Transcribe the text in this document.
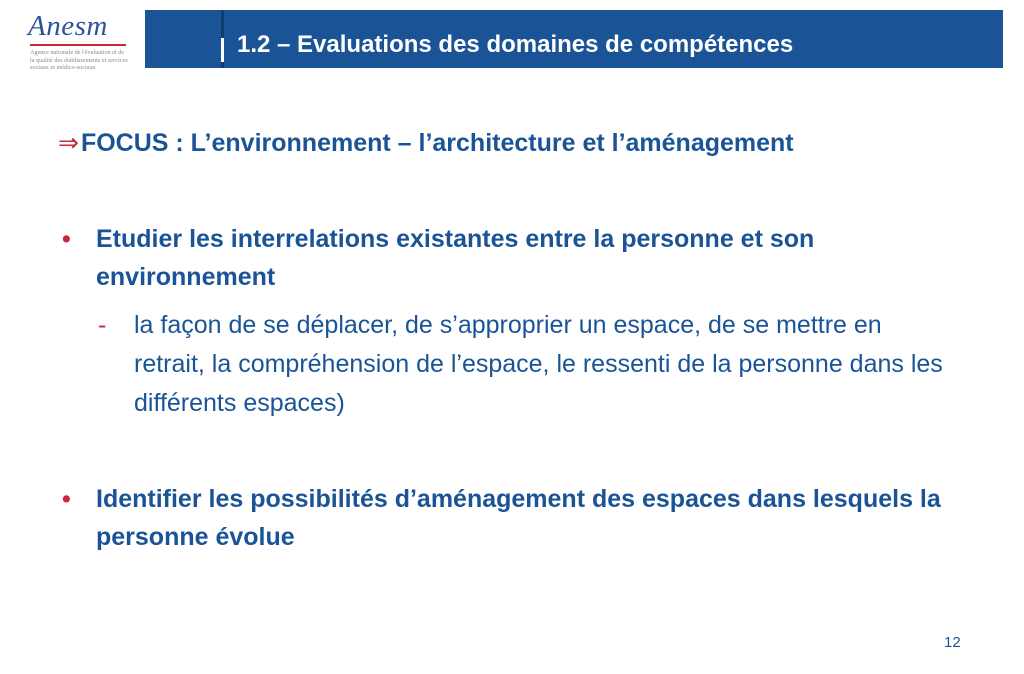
Anesm
Agence nationale de l'évaluation et de la qualité des établissements et services sociaux et médico-sociaux
1.2 – Evaluations des domaines de compétences
⇒FOCUS : L’environnement – l’architecture et l’aménagement
• Etudier les interrelations existantes entre la personne et son environnement
- la façon de se déplacer, de s’approprier un espace, de se mettre en retrait, la compréhension de l’espace, le ressenti de la personne dans les différents espaces)
• Identifier les possibilités d’aménagement des espaces dans lesquels la personne évolue
12
